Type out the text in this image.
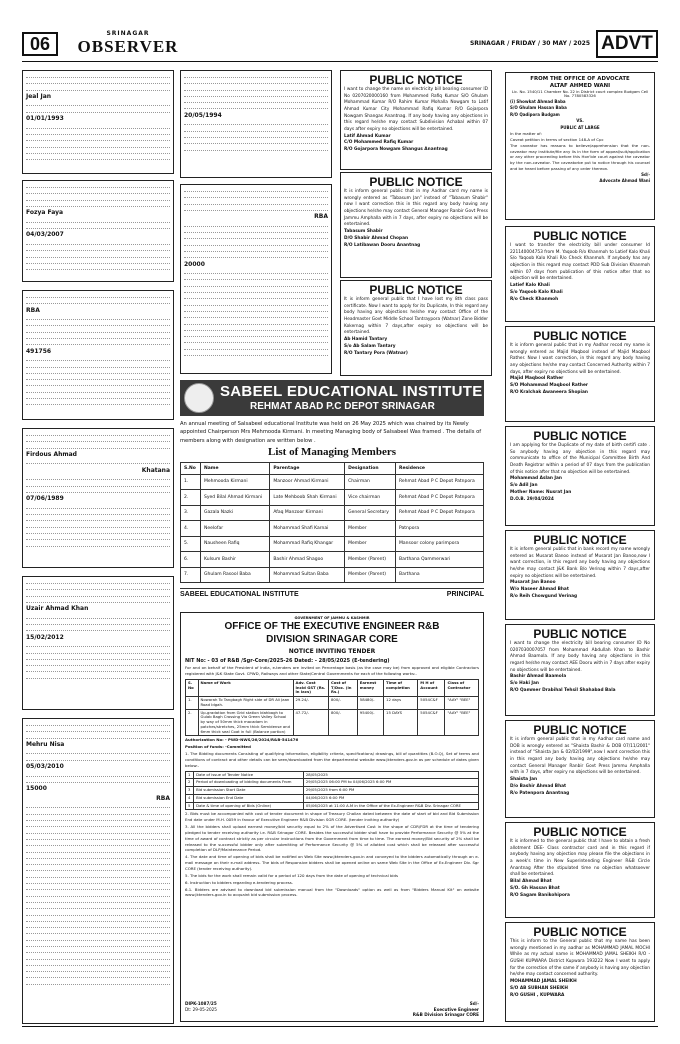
06
SRINAGAR
OBSERVER	SRINAGAR / FRIDAY / 30 MAY / 2025 ADVT
Jeal Jan
01/01/1993
Fozya Faya
04/03/2007
RBA
491756
Firdous Ahmad
Khatana
07/06/1989
Uzair Ahmad Khan
15/02/2012
Mehru Nisa
05/03/2010
15000
RBA
20/05/1994
RBA
20000
PUBLIC NOTICE
I want to change the name on electricity bill bearing consumer ID No 0207020000160 from Mohammed Rafiq Kumar S/O Ghulam Mohammad Kumar R/O Rahim Kumar Mohalla Nowgam to Latif Ahmad Kumar City Mohammad Rafiq Kumar R/O Gojarpora Nowgam Shangas Anantnag. If any body having any objections in this regard he/she may contact Subdivision Achabal within 07 days after expiry no objections will be entertained.
Latif Ahmad Kumar
C/O Mohammed Rafiq Kumar
R/O Gojarpora Nowgam Shangus Anantnag
PUBLIC NOTICE
It is inform general public that in my Aadhar card my name is wrongly entered as "Tabasum Jan" instead of "Tabasum Shabir" now I want correction this in this regard any body having any objections he/she may contact General Manager Ranbir Govt Press Jammu Amphalla with in 7 days, after expiry no objections will be entertained.
Tabasum Shabir
D/O Shabir Ahmad Chopan
R/O Latibawan Dooru Anantnag
PUBLIC NOTICE
It is inform general public that I have lost my 8th class pass certificate. Now I want to apply for its Duplicate, In this regard any body having any objections he/she may contact Office of the Headmaster Govt Middle School Tantraypora (Watnar) Zone Bidder Kokernag within 7 days,after expiry no objections will be entertained.
Ab Hamid Tantary
S/o Ab Salam Tantary
R/O Tantary Pora (Watnar)
SABEEL EDUCATIONAL INSTITUTE
REHMAT ABAD P.C DEPOT SRINAGAR
An annual meeting of Salsabeel educational Institute was held on 26 May 2025 which was chaired by its Newly appointed Chairperson Mrs Mehmooda Kirmani. In meeting Managing body of Salsabeel Was framed . The details of members along with designation are written below .
List of Managing Members
S.No	Name	Parentage	Designation	Residence
1.	Mehmooda Kirmani	Manzoor Ahmad Kirmani	Chairman	Rehmat Abad P C Depot Patnpora
2.	Syed Bilal Ahmad Kirmani	Late Mehboob Shah Kirmani	Vice chairman	Rehmat Abad P C Depot Patnpora
3.	Gazala Nazki	Afaq Manzoor Kirmani	General Secretary	Rehmat Abad P C Depot Patnpora
4.	Neelofar	Mohammad Shafi Karnai	Member	Patnpora
5.	Nausheen Rafiq	Mohammad Rafiq Khangar	Member	Mansoor colony parimpora
6.	Kulsum Bashir	Bashir Ahmad Shagoo	Member (Parent)	Barthana Qammerwari
7.	Ghulam Rasool Baba	Mohammad Sultan Baba	Member (Parent)	Barthana
SABEEL EDUCATIONAL INSTITUTE	PRINCIPAL
GOVERNMENT OF JAMMU & KASHMIR
OFFICE OF THE EXECUTIVE ENGINEER R&B
DIVISION SRINAGAR CORE
NOTICE INVITING TENDER
NIT No: - 03 of R&B /Sgr-Core/2025-26 Dated: - 28/05/2025 (E-tendering)
For and on behalf of the President of India, e-tenders are invited on Percentage basis (as the case may be) from approved and eligible Contractors registered with J&K State Govt. CPWD, Railways and other State/Central Governments for each of the following works:-
S. No	Name of Work	Adv. Cost Incld GST (Rs. in lacs)	Cost of T/Doc. (in Rs.)	Earnest money	Time of completion	M H of Account	Class of Contractor
1.	Nowarah To Tangbagh Right side of DR Ali Jaan Road Idgah.	29.24/-	800/-	58480/-	12 days	5054C&F	"AAY" "BEE"
2.	Up-gradation from Grid station Idahbagh to Gulab Bagh Crossing Via Green Valley School by way of 50mm thick macadam in patches/stretches, 25mm thick Semidense and 6mm thick seal Coat in full (Balance portion)	47.72/-	800/-	95400/-	15 DAYS	5054C&F	"AAY" "BEE"
Authorization No: - PWD-NWS/26/2024/R&B-541476
Position of funds: -Committed
1. The Bidding documents Consisting of qualifying information, eligibility criteria, specifications/ drawings, bill of quantities (B.O.Q), Set of terms and conditions of contract and other details can be seen/downloaded from the departmental website www.jktenders.gov.in as per schedule of dates given below:-
1	Date of issue of Tender Notice	28/05/2025
2	Period of downloading of bidding documents From	29/05/2025 06:00 PM to 04/06/2025 6:00 PM
3	Bid submission Start Date	29/05/2025 from 6:00 PM
4	Bid submission End Date	04/06/2025 6:00 PM
5	Date & time of opening of Bids (Online)	05/06/2025 at 11:00 A.M in the Office of the Ex-Engineer R&B Div. Srinagar CORE
2. Bids must be accompanied with cost of tender document in shape of Treasury Challan dated between the date of start of bid and Bid Submission End date under M.H. 0059 in favour of Executive Engineer R&B Division SGR CORE. (tender inviting authority)
3. All the bidders shall upload earnest money/bid security equal to 2% of the Advertised Cost in the shape of CDR/FDR at the time of tendering pledged to tender receiving authority i.e. R&B Srinagar CORE. Besides the successful bidder shall have to provide Performance Security @ 5% at the time of award of contract strictly as per circular instructions from the Government from time to time. The earnest money/Bid security of 2% shall be released to the successful bidder only after submitting of Performance Security @ 5% of allotted cost which shall be released after successful completion of DLP/Maintenance Period.
4. The date and time of opening of bids shall be notified on Web Site www.jktenders.gov.in and conveyed to the bidders automatically through an e-mail message on their e-mail address. The bids of Responsive bidders shall be opened online on same Web Site in the Office of Ex.Engineer Div. Sgr CORE (tender receiving authority).
5. The bids for the work shall remain valid for a period of 120 days from the date of opening of technical bids
6. Instruction to bidders regarding e-tendering process.
6.1. Bidders are advised to download bid submission manual from the "Downloads" option as well as from "Bidders Manual Kit" on website www.jktenders.gov.in to acquaint bid submission process.
DIPK-1087/25
Dt: 29-05-2025
Sd/-
Executive Engineer
R&B Division Srinagar CORE
FROM THE OFFICE OF ADVOCATE
ALTAF AHMED WANI
Lic. No. 1540/11 Chamber No. 22 in District court complex Budgam Cell No. 7780583326
(i) Showkat Ahmad Baba
S/O Ghulam Hassan Baba
R/O Qadipora Budgam
VS.
PUBLIC AT LARGE
In the matter of:
Caveat petition in terms of section 148-A of Cpc
The caveator has reasons to believe/apprehension that the non-caveator may institute/file any lis in the form of appeal/suit/application or any other proceeding before this Hon'ble court against the caveator by the non-caveator. The caveatorbe put to notice through his counsel and be heard before passing of any order thereon.
Sd/-
Advocate Ahmad Wani
PUBLIC NOTICE
I want to transfer the electricity bill under consumer Id 221140004753 from M. Yaqoob R/o Khanmoh to Latief Kalo Khali S/o Yaqoob Kalo Khali R/o Check Khanmoh. If anybody has any objection in this regard may contact PDD Sub Division Khanmoh within 07 days from publication of this notice after that no objection will be entertained.
Latief Kalo Khali
S/o Yaqoob Kalo Khali
R/o Check Khanmoh
PUBLIC NOTICE
It is inform general public that in my Aadhar recod my name is wrongly entered as Majid Maqbool instead of Majid Maqbool Rather. Now I want correction, in this regard any body having any objections he/she may contact Concerned Authority within 7 days, after expiry no objections will be entertained.
Majid Maqbool Rather
S/O Mohammad Maqbool Rather
R/O Kralchak Awaneera Shopian
PUBLIC NOTICE
I am applying for the Duplicate of my date of birth certifi cate . So anybody having any objection in this regard may communicate to office of the Municipal Committee Birth And Death Registrar within a period of 07 days from the publication of this notice after that no objection will be entertained.
Mohammad Aslan Jan
S/o Adil Jan
Mother Name: Nusrat Jan
D.O.B. 29/04/2024
PUBLIC NOTICE
It is inform general public that in bank record my name wrongly entered as Musarat Banoo instead of Musarat Jan Banoo,now I want correction, in this regard any body having any objections he/she may contact J&K Bank B/o Verinag within 7 days,after expiry no objections will be entertained.
Musarat Jan Banoo
W/o Naseer Ahmad Bhat
R/o Reih Chowgund Verinag
PUBLIC NOTICE
I want to change the electricity bill bearing consumer ID No 0207030007057 from Mohammad Abdullah Khan to Bashir Ahmad Baamola. If any body having any objections in this regard he/she may contact AEE Dooru with in 7 days after expiry no objections will be entertained.
Bashir Ahmad Baamola
S/o Haki Jan
R/O Qammer Drabihal Tehsil Shahabad Bala
PUBLIC NOTICE
It is inform general public that in my Aadhar card name and DOB is wrongly entered as "Shaista Bashir & DOB 07/11/2001" instead of "Shaista Jan & 02/02/1999",now I want correction this in this regard any body having any objections he/she may contact General Manager Ranbir Govt Press Jammu Amphalla with in 7 days, after expiry no objections will be entertained.
Shaista Jan
D/o Bashir Ahmad Bhat
R/o Patenpora Anantnag
PUBLIC NOTICE
It is informed to the general public that I have to obtain a fresh allotment DEE- Class contractor card and in this regard if anybody having any objection may please file the objections in a week's time in New Superintending Engineer R&B Circle Anantnag After the stipulated time no objection whatsoever shall be entertained.
Bilal Ahmad Bhat
S/O. Gh Hassan Bhat
R/O Sagam Banikohipora
PUBLIC NOTICE
This is inform to the General public that my name has been wrongly mentioned in my aadhar as MOHAMMAD JAMAL MOCHI While as my actual name is MOHAMMAD JAMAL SHEIKH R/O -GUSHI KUPWARA District Kupwara 193222 Now I want to apply for the correction of the same if anybody is having any objection he/she may contact concerned authority.
MOHAMMAD JAMAL SHEIKH
S/O AB SUBHAN SHEIKH
R/O GUSHI , KUPWARA
